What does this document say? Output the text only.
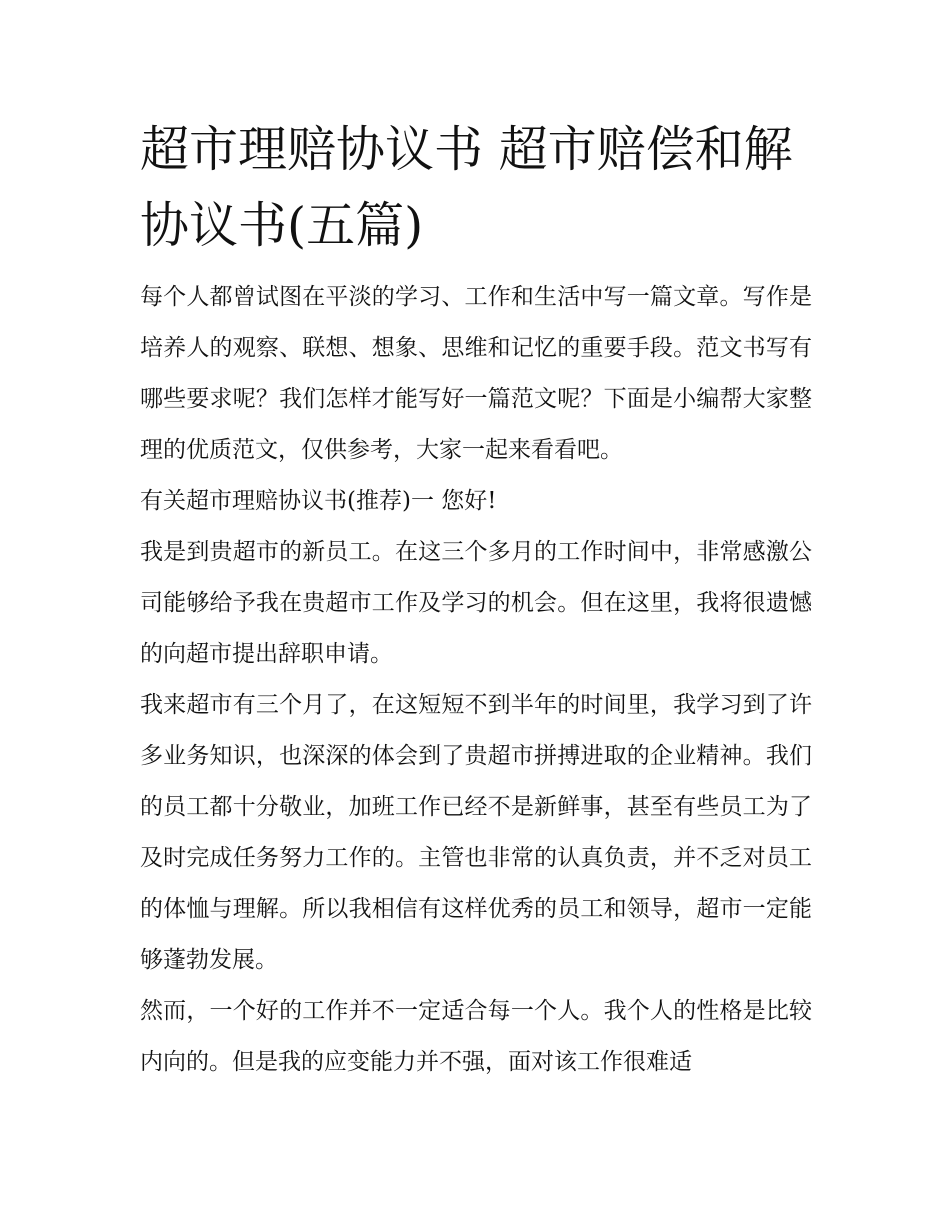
超市理赔协议书 超市赔偿和解协议书(五篇)

每个人都曾试图在平淡的学习、工作和生活中写一篇文章。写作是培养人的观察、联想、想象、思维和记忆的重要手段。范文书写有哪些要求呢？我们怎样才能写好一篇范文呢？下面是小编帮大家整理的优质范文，仅供参考，大家一起来看看吧。

有关超市理赔协议书(推荐)一 您好!

我是到贵超市的新员工。在这三个多月的工作时间中，非常感激公司能够给予我在贵超市工作及学习的机会。但在这里，我将很遗憾的向超市提出辞职申请。

我来超市有三个月了，在这短短不到半年的时间里，我学习到了许多业务知识，也深深的体会到了贵超市拼搏进取的企业精神。我们的员工都十分敬业，加班工作已经不是新鲜事，甚至有些员工为了及时完成任务努力工作的。主管也非常的认真负责，并不乏对员工的体恤与理解。所以我相信有这样优秀的员工和领导，超市一定能够蓬勃发展。

然而，一个好的工作并不一定适合每一个人。我个人的性格是比较内向的。但是我的应变能力并不强，面对该工作很难适
